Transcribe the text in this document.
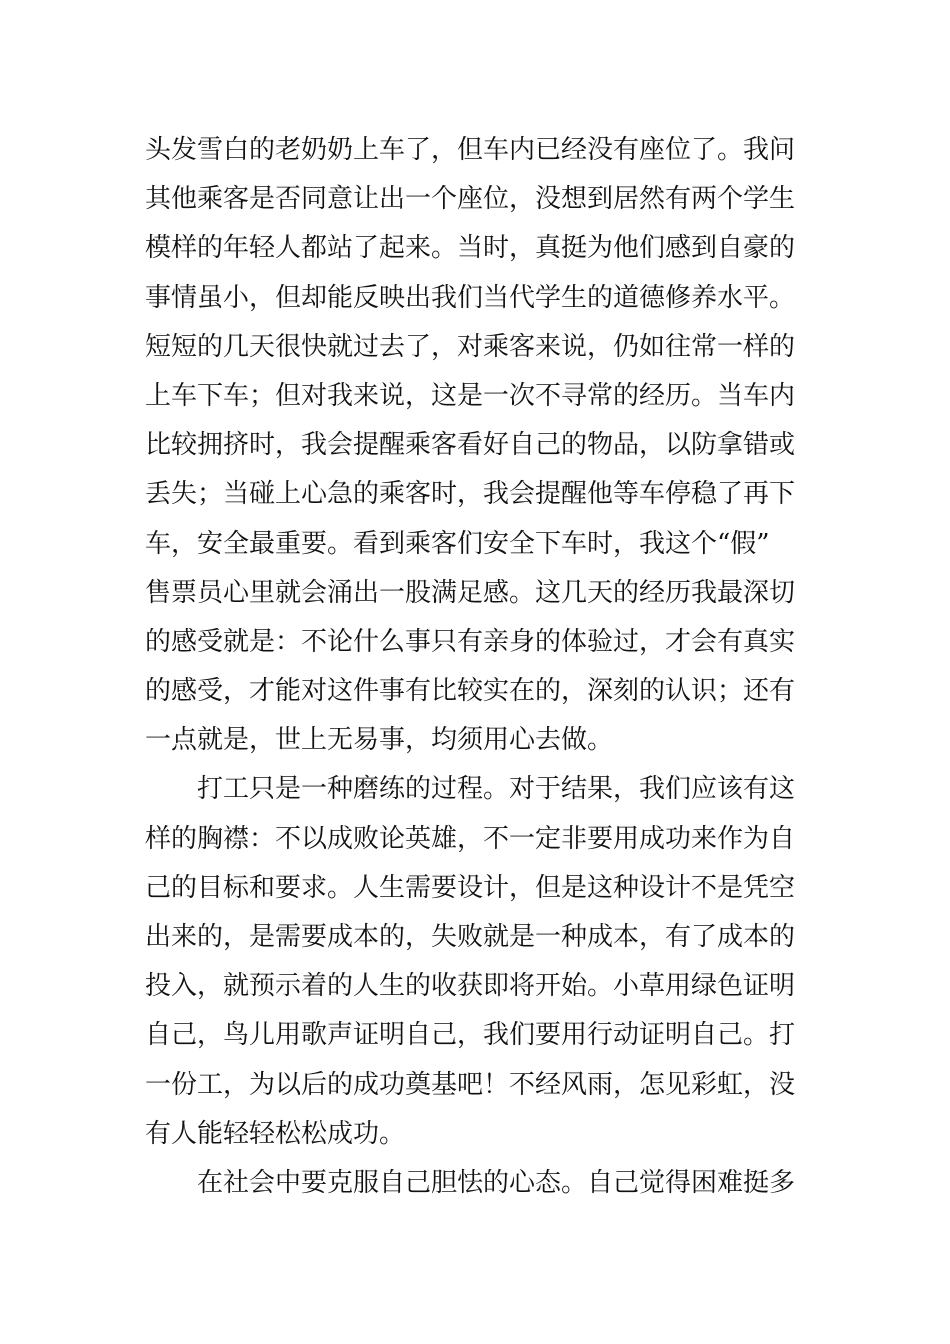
头发雪白的老奶奶上车了，但车内已经没有座位了。我问
其他乘客是否同意让出一个座位，没想到居然有两个学生
模样的年轻人都站了起来。当时，真挺为他们感到自豪的
事情虽小，但却能反映出我们当代学生的道德修养水平。
短短的几天很快就过去了，对乘客来说，仍如往常一样的
上车下车；但对我来说，这是一次不寻常的经历。当车内
比较拥挤时，我会提醒乘客看好自己的物品，以防拿错或
丢失；当碰上心急的乘客时，我会提醒他等车停稳了再下
车，安全最重要。看到乘客们安全下车时，我这个“假”
售票员心里就会涌出一股满足感。这几天的经历我最深切
的感受就是：不论什么事只有亲身的体验过，才会有真实
的感受，才能对这件事有比较实在的，深刻的认识；还有
一点就是，世上无易事，均须用心去做。
　　打工只是一种磨练的过程。对于结果，我们应该有这
样的胸襟：不以成败论英雄，不一定非要用成功来作为自
己的目标和要求。人生需要设计，但是这种设计不是凭空
出来的，是需要成本的，失败就是一种成本，有了成本的
投入，就预示着的人生的收获即将开始。小草用绿色证明
自己，鸟儿用歌声证明自己，我们要用行动证明自己。打
一份工，为以后的成功奠基吧！不经风雨，怎见彩虹，没
有人能轻轻松松成功。
　　在社会中要克服自己胆怯的心态。自己觉得困难挺多
